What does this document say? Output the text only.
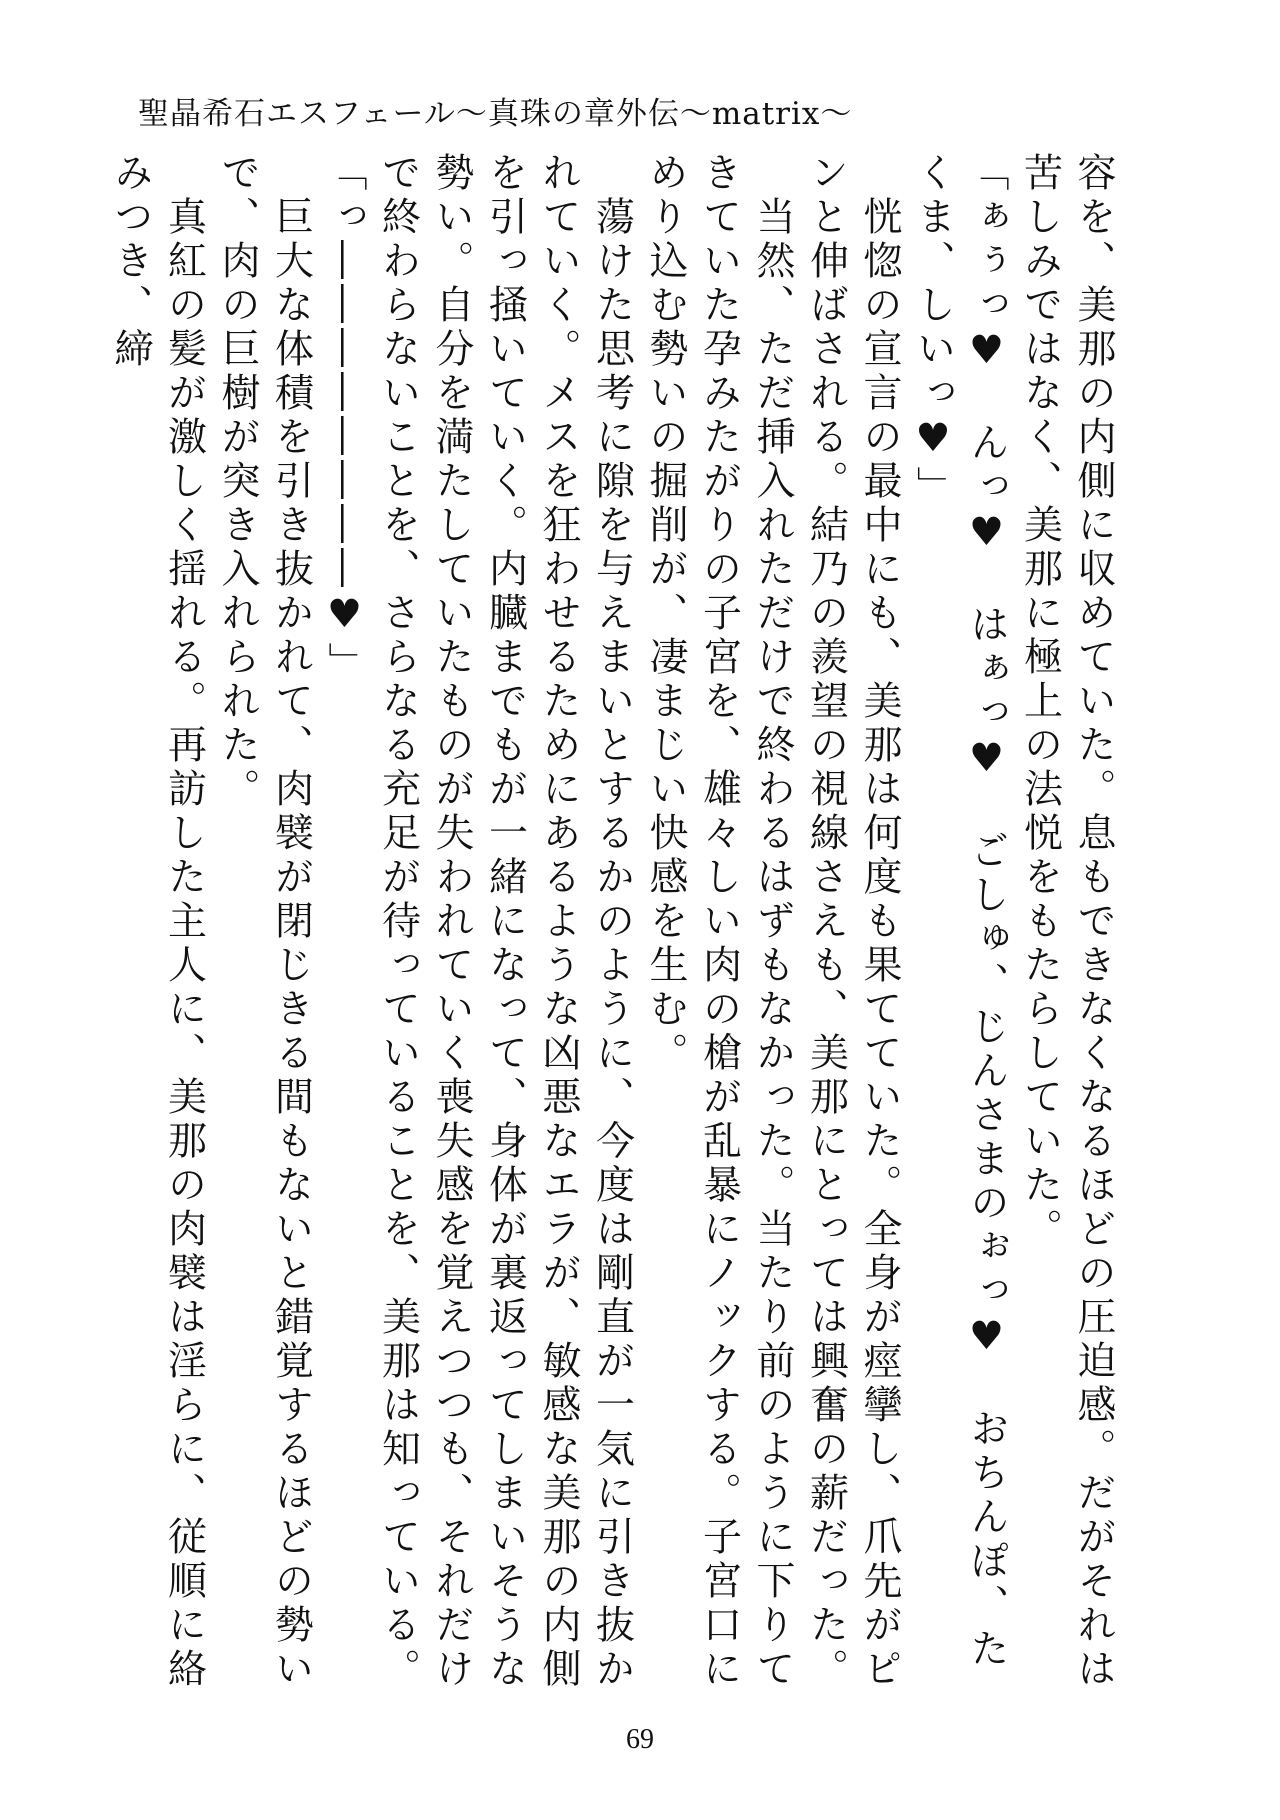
聖晶希石エスフェール〜真珠の章外伝〜matrix〜

容を、美那の内側に収めていた。息もできなくなるほどの圧迫感。だがそれは苦しみではなく、美那に極上の法悦をもたらしていた。

「ぁぅっ♥　んっ♥　はぁっ♥　ごしゅ、じんさまのぉっ♥　おちんぽ、たくま、しいっ♥」

　恍惚の宣言の最中にも、美那は何度も果てていた。全身が痙攣し、爪先がピンと伸ばされる。結乃の羨望の視線さえも、美那にとっては興奮の薪だった。

　当然、ただ挿入れただけで終わるはずもなかった。当たり前のように下りてきていた孕みたがりの子宮を、雄々しい肉の槍が乱暴にノックする。子宮口にめり込む勢いの掘削が、凄まじい快感を生む。

　蕩けた思考に隙を与えまいとするかのように、今度は剛直が一気に引き抜かれていく。メスを狂わせるためにあるような凶悪なエラが、敏感な美那の内側を引っ掻いていく。内臓までもが一緒になって、身体が裏返ってしまいそうな勢い。自分を満たしていたものが失われていく喪失感を覚えつつも、それだけで終わらないことを、さらなる充足が待っていることを、美那は知っている。

「っ――――――――♥」

　巨大な体積を引き抜かれて、肉襞が閉じきる間もないと錯覚するほどの勢いで、肉の巨樹が突き入れられた。

　真紅の髪が激しく揺れる。再訪した主人に、美那の肉襞は淫らに、従順に絡みつき、締

69
